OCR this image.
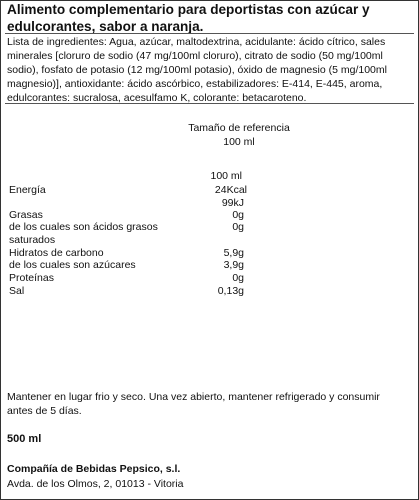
Alimento complementario para deportistas con azúcar y
edulcorantes, sabor a naranja.
Lista de ingredientes: Agua, azúcar, maltodextrina, acidulante: ácido cítrico, sales
minerales [cloruro de sodio (47 mg/100ml cloruro), citrato de sodio (50 mg/100ml
sodio), fosfato de potasio (12 mg/100ml potasio), óxido de magnesio (5 mg/100ml
magnesio)], antioxidante: ácido ascórbico, estabilizadores: E-414, E-445, aroma,
edulcorantes: sucralosa, acesulfamo K, colorante: betacaroteno.
Tamaño de referencia
100 ml
100 ml
Energía	24Kcal
99kJ
Grasas	0g
de los cuales son ácidos grasos	0g
saturados
Hidratos de carbono	5,9g
de los cuales son azúcares	3,9g
Proteínas	0g
Sal	0,13g
Mantener en lugar frio y seco. Una vez abierto, mantener refrigerado y consumir
antes de 5 días.
500 ml
Compañía de Bebidas Pepsico, s.l.
Avda. de los Olmos, 2, 01013 - Vitoria
